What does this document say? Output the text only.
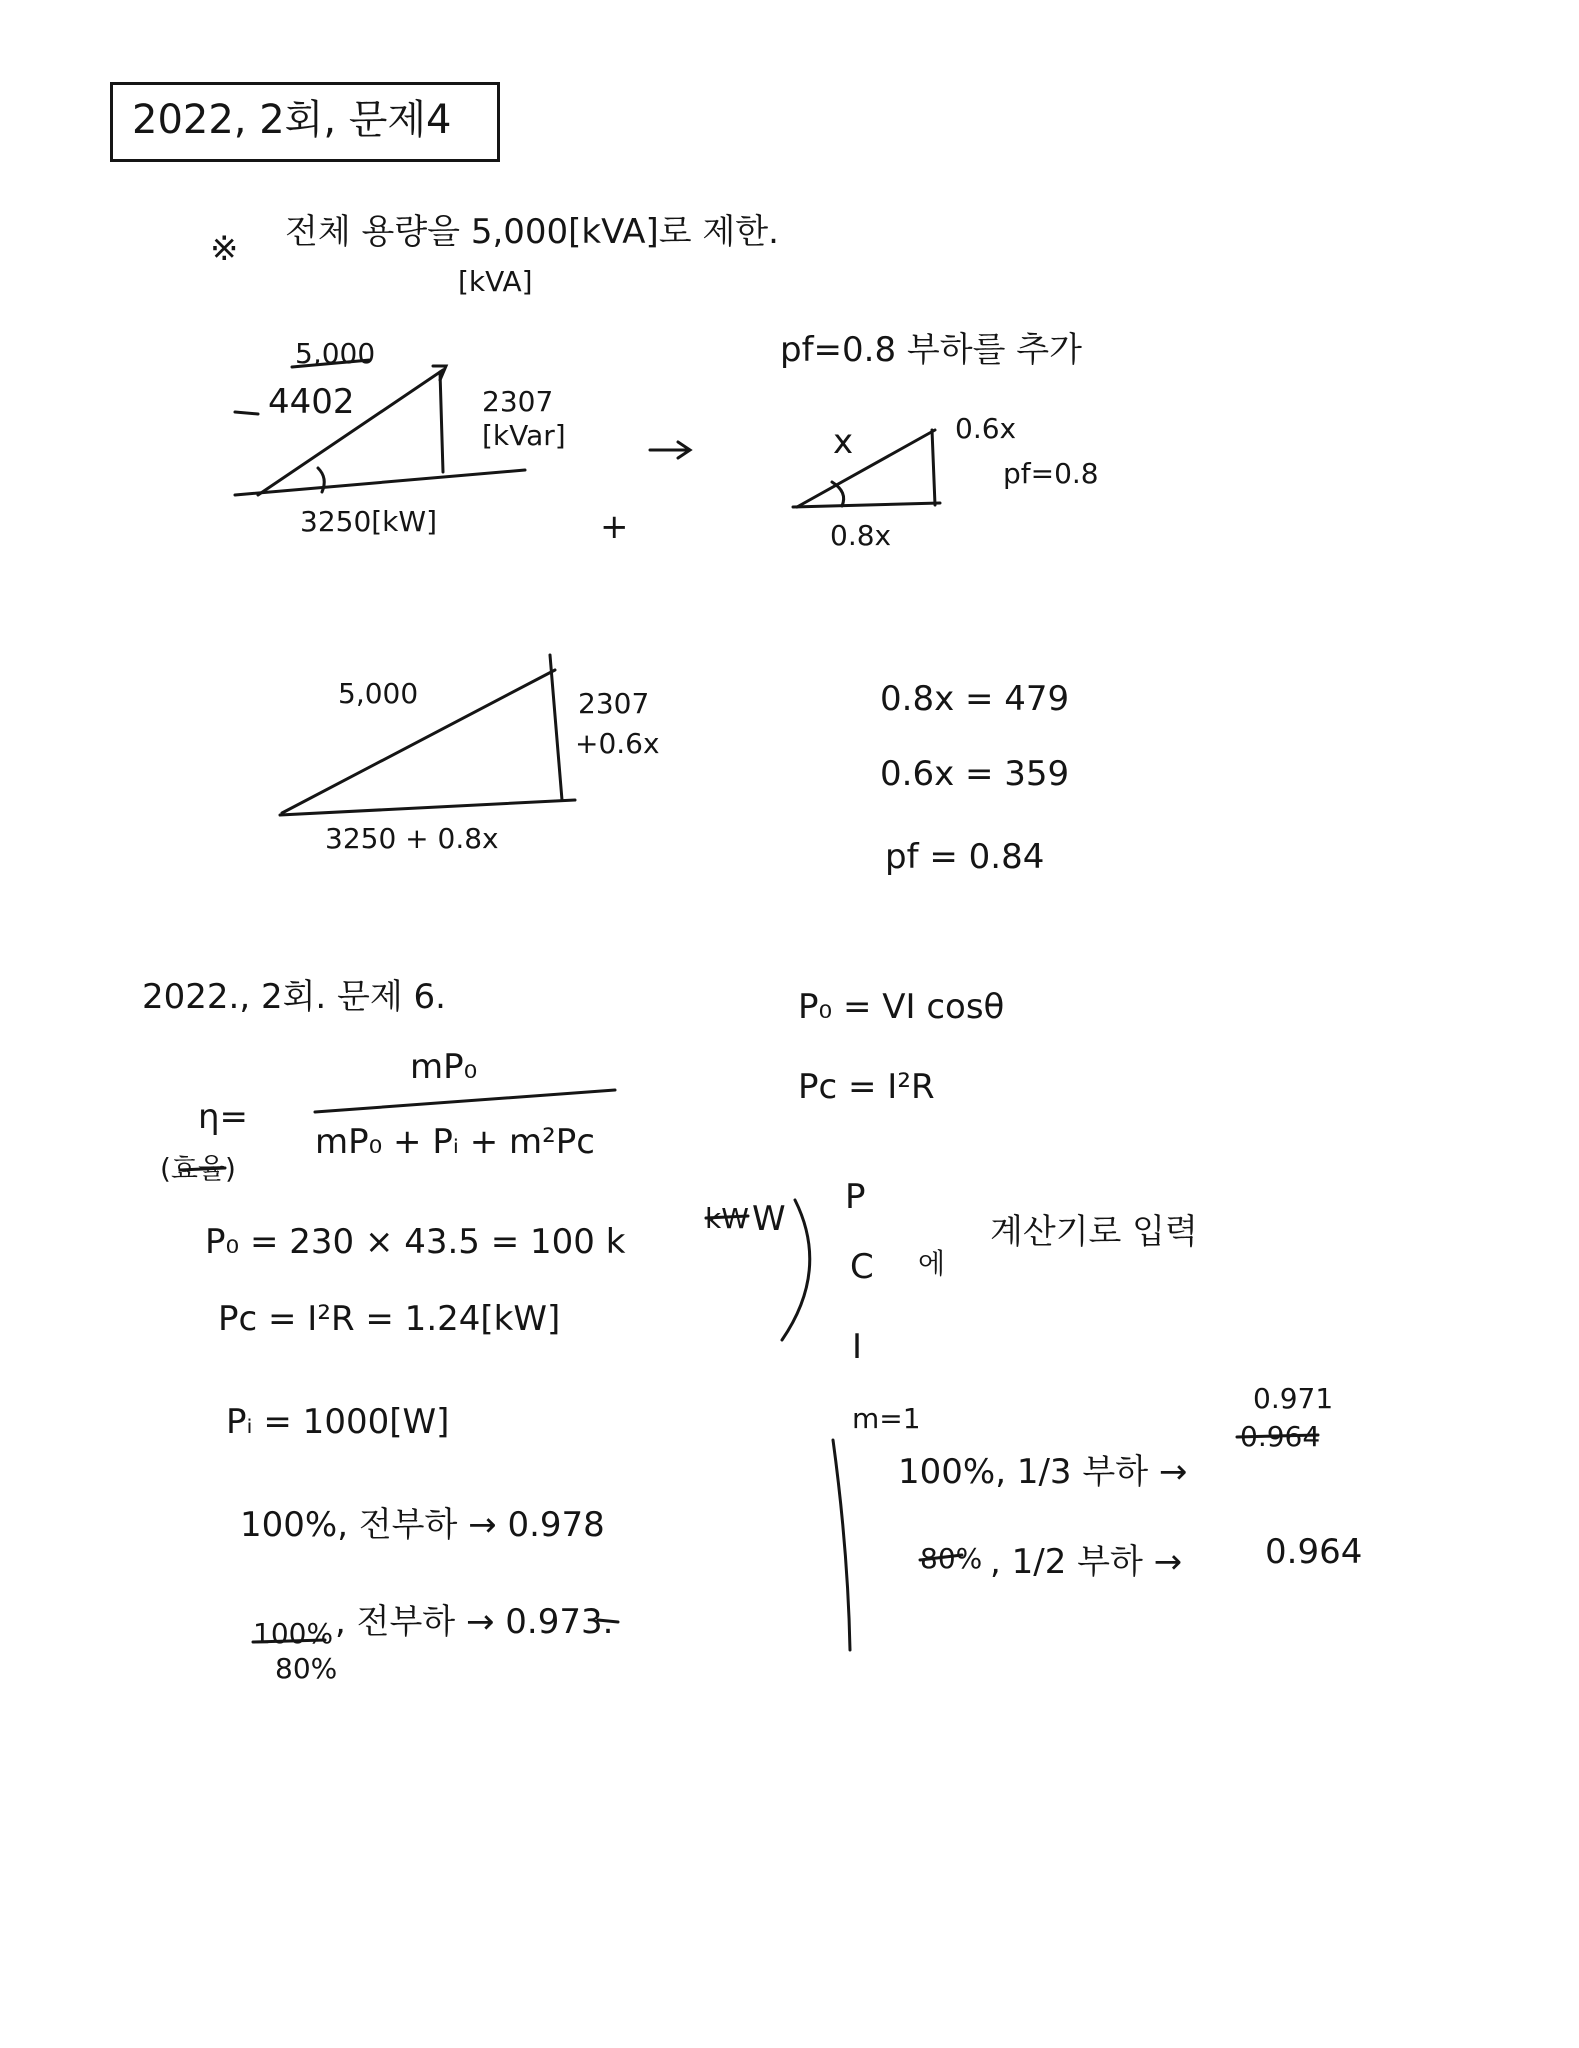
2022, 2회, 문제4
※ 전체 용량을 5,000[kVA]로 제한.
[kVA]
5,000
4402	2307
[kVar]
3250[kW]	+
pf=0.8 부하를 추가
x	0.6x
pf=0.8
0.8x
5,000	2307
+0.6x
3250 + 0.8x
0.8x = 479
0.6x = 359
pf = 0.84
2022., 2회. 문제 6.	P₀ = VI cosθ
Pc = I²R
mP₀
η=
(효율)
mP₀ + Pᵢ + m²Pc
P₀ = 230 × 43.5 = 100 k
kW W
Pc = I²R = 1.24[kW]
Pᵢ = 1000[W]
P
C 에
계산기로 입력
I
m=1
100%, 전부하 → 0.978
100%
80%
, 전부하 → 0.973.
0.971
100%, 1/3 부하 →
0.964
80% , 1/2 부하 → 0.964
